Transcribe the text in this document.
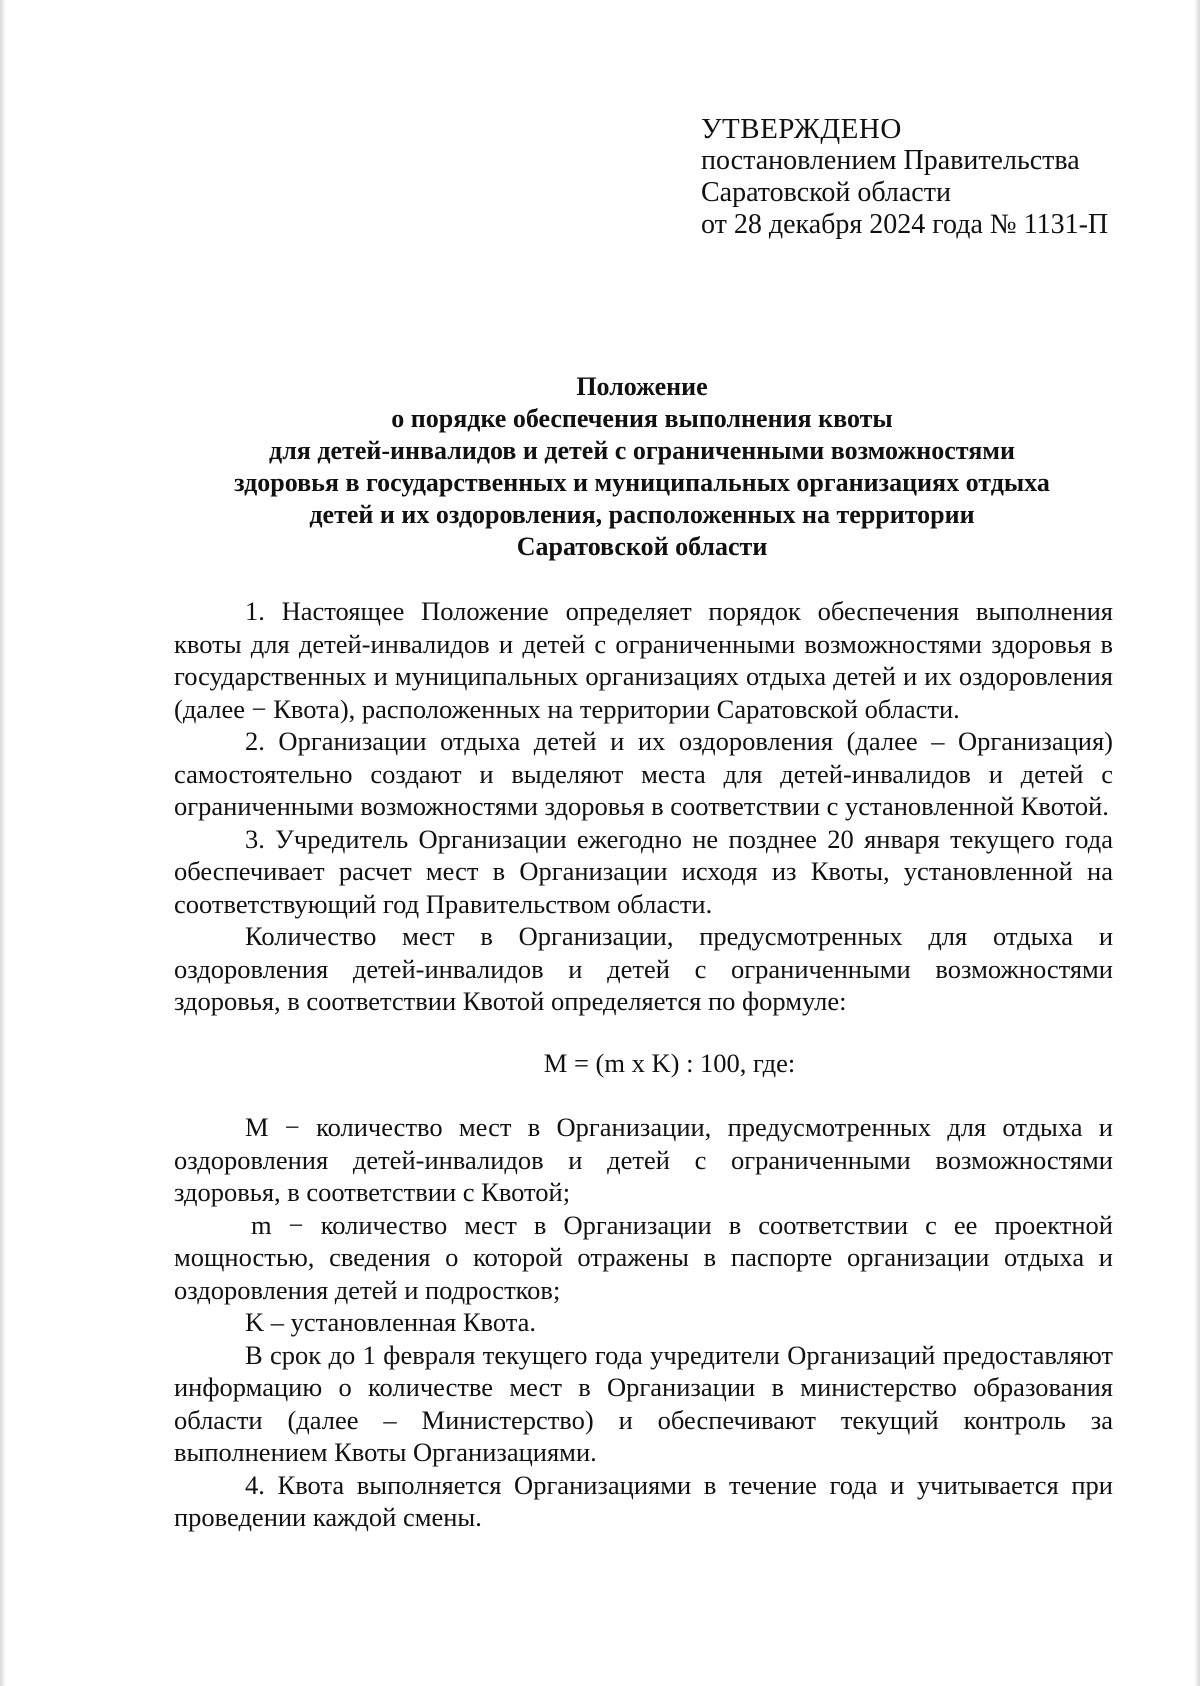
УТВЕРЖДЕНО
постановлением Правительства
Саратовской области
от 28 декабря 2024 года № 1131-П
Положение
о порядке обеспечения выполнения квоты
для детей-инвалидов и детей с ограниченными возможностями
здоровья в государственных и муниципальных организациях отдыха
детей и их оздоровления, расположенных на территории
Саратовской области

1. Настоящее Положение определяет порядок обеспечения выполнения квоты для детей-инвалидов и детей с ограниченными возможностями здоровья в государственных и муниципальных организациях отдыха детей и их оздоровления (далее − Квота), расположенных на территории Саратовской области.

2. Организации отдыха детей и их оздоровления (далее – Организация) самостоятельно создают и выделяют места для детей-инвалидов и детей с ограниченными возможностями здоровья в соответствии с установленной Квотой.

3. Учредитель Организации ежегодно не позднее 20 января текущего года обеспечивает расчет мест в Организации исходя из Квоты, установленной на соответствующий год Правительством области.

Количество мест в Организации, предусмотренных для отдыха и оздоровления детей-инвалидов и детей с ограниченными возможностями здоровья, в соответствии Квотой определяется по формуле:

M = (m x K) : 100, где:

M − количество мест в Организации, предусмотренных для отдыха и оздоровления детей-инвалидов и детей с ограниченными возможностями здоровья, в соответствии с Квотой;

m − количество мест в Организации в соответствии с ее проектной мощностью, сведения о которой отражены в паспорте организации отдыха и оздоровления детей и подростков;

K – установленная Квота.

В срок до 1 февраля текущего года учредители Организаций предоставляют информацию о количестве мест в Организации в министерство образования области (далее – Министерство) и обеспечивают текущий контроль за выполнением Квоты Организациями.

4. Квота выполняется Организациями в течение года и учитывается при проведении каждой смены.
